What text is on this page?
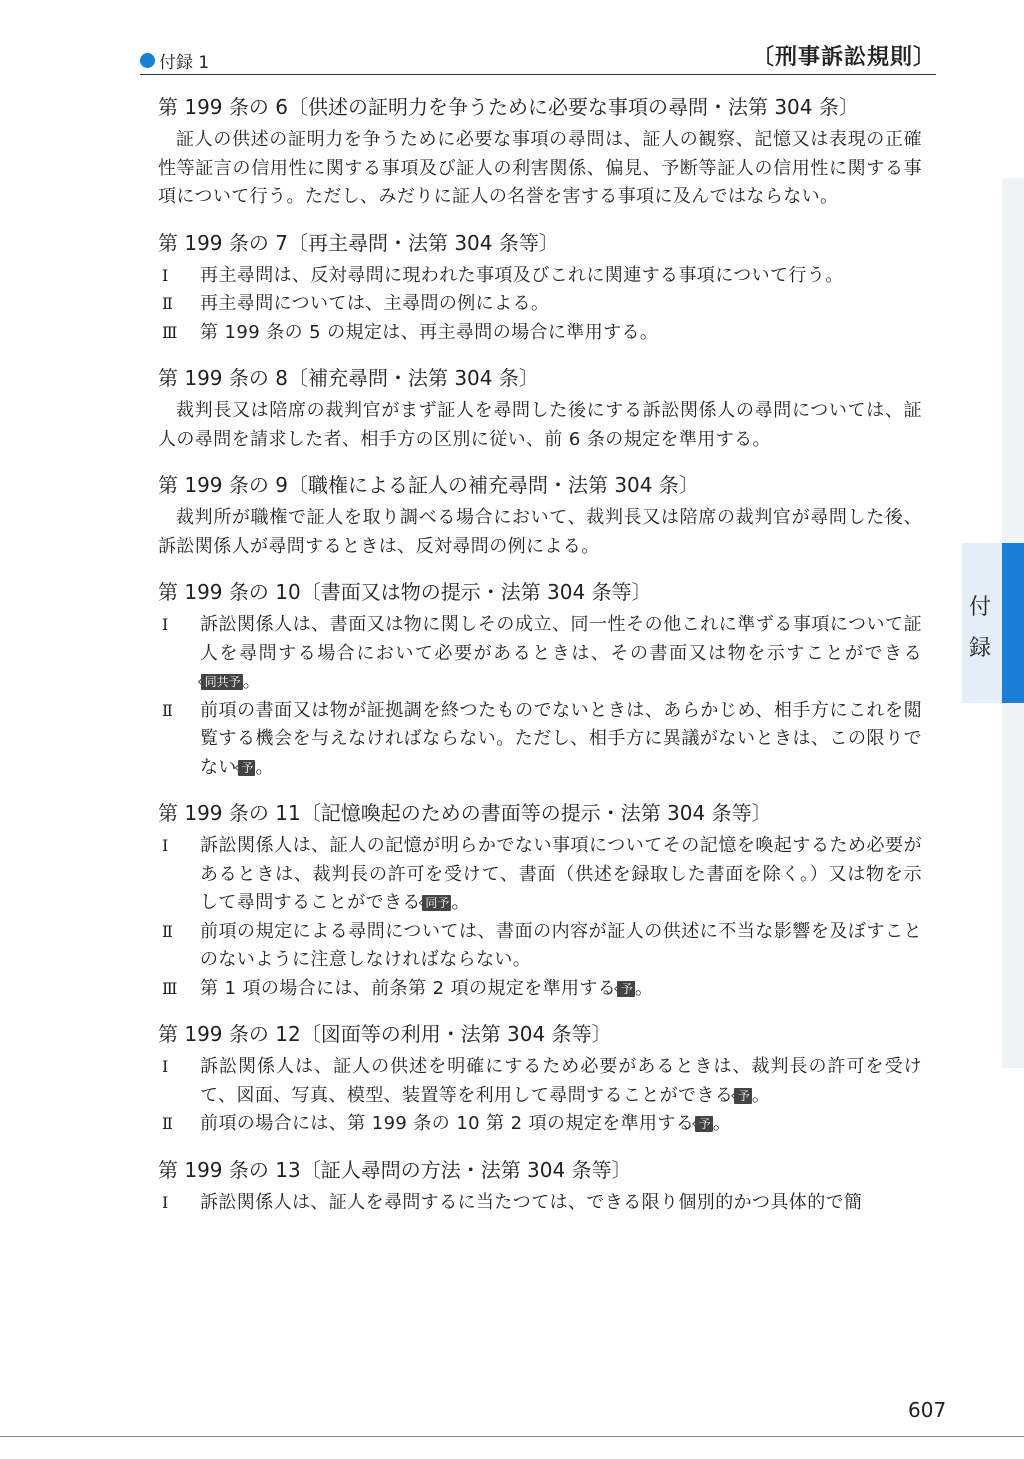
付録 1	〔刑事訴訟規則〕
第 199 条の 6〔供述の証明力を争うために必要な事項の尋問・法第 304 条〕
証人の供述の証明力を争うために必要な事項の尋問は、証人の観察、記憶又は表現の正確性等証言の信用性に関する事項及び証人の利害関係、偏見、予断等証人の信用性に関する事項について行う。ただし、みだりに証人の名誉を害する事項に及んではならない。
第 199 条の 7〔再主尋問・法第 304 条等〕
Ⅰ	再主尋問は、反対尋問に現われた事項及びこれに関連する事項について行う。
Ⅱ	再主尋問については、主尋問の例による。
Ⅲ	第 199 条の 5 の規定は、再主尋問の場合に準用する。
第 199 条の 8〔補充尋問・法第 304 条〕
裁判長又は陪席の裁判官がまず証人を尋問した後にする訴訟関係人の尋問については、証人の尋問を請求した者、相手方の区別に従い、前 6 条の規定を準用する。
第 199 条の 9〔職権による証人の補充尋問・法第 304 条〕
裁判所が職権で証人を取り調べる場合において、裁判長又は陪席の裁判官が尋問した後、訴訟関係人が尋問するときは、反対尋問の例による。
第 199 条の 10〔書面又は物の提示・法第 304 条等〕
Ⅰ	訴訟関係人は、書面又は物に関しその成立、同一性その他これに準ずる事項について証人を尋問する場合において必要があるときは、その書面又は物を示すことができる‹ 同共予 。
Ⅱ	前項の書面又は物が証拠調を終つたものでないときは、あらかじめ、相手方にこれを閲覧する機会を与えなければならない。ただし、相手方に異議がないときは、この限りでない ‹ 予 。
第 199 条の 11〔記憶喚起のための書面等の提示・法第 304 条等〕
Ⅰ	訴訟関係人は、証人の記憶が明らかでない事項についてその記憶を喚起するため必要があるときは、裁判長の許可を受けて、書面（供述を録取した書面を除く。）又は物を示して尋問することができる ‹ 同予 。
Ⅱ	前項の規定による尋問については、書面の内容が証人の供述に不当な影響を及ぼすことのないように注意しなければならない。
Ⅲ	第 1 項の場合には、前条第 2 項の規定を準用する ‹ 予 。
第 199 条の 12〔図面等の利用・法第 304 条等〕
Ⅰ	訴訟関係人は、証人の供述を明確にするため必要があるときは、裁判長の許可を受けて、図面、写真、模型、装置等を利用して尋問することができる ‹ 予 。
Ⅱ	前項の場合には、第 199 条の 10 第 2 項の規定を準用する ‹ 予 。
第 199 条の 13〔証人尋問の方法・法第 304 条等〕
Ⅰ	訴訟関係人は、証人を尋問するに当たつては、できる限り個別的かつ具体的で簡
付
録
607
